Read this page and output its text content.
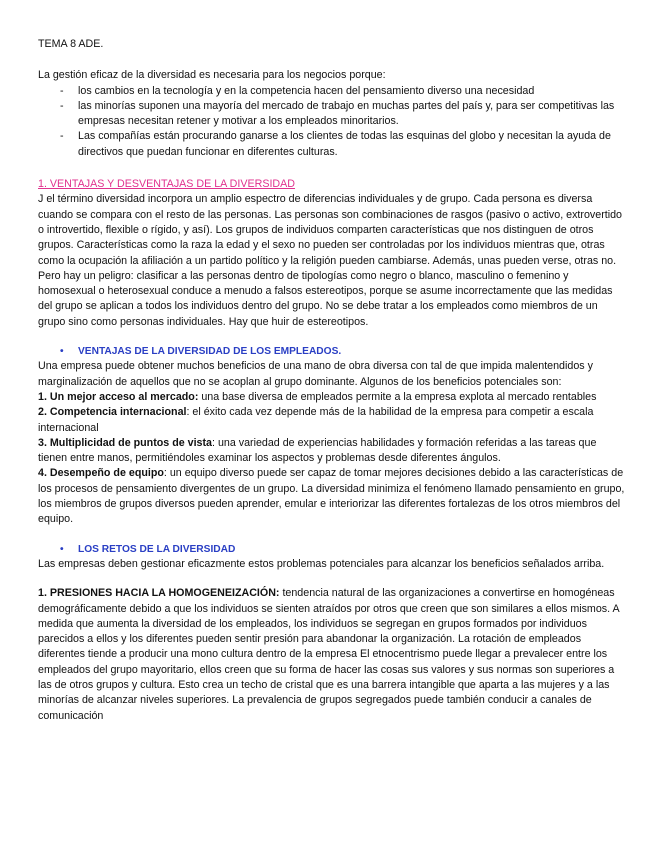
TEMA 8 ADE.

La gestión eficaz de la diversidad es necesaria para los negocios porque:

- los cambios en la tecnología y en la competencia hacen del pensamiento diverso una necesidad
- las minorías suponen una mayoría del mercado de trabajo en muchas partes del país y, para ser competitivas las empresas necesitan retener y motivar a los empleados minoritarios.
- Las compañías están procurando ganarse a los clientes de todas las esquinas del globo y necesitan la ayuda de directivos que puedan funcionar en diferentes culturas.

1. VENTAJAS Y DESVENTAJAS DE LA DIVERSIDAD

J el término diversidad incorpora un amplio espectro de diferencias individuales y de grupo. Cada persona es diversa cuando se compara con el resto de las personas. Las personas son combinaciones de rasgos (pasivo o activo, extrovertido o introvertido, flexible o rígido, y así). Los grupos de individuos comparten características que nos distinguen de otros grupos. Características como la raza la edad y el sexo no pueden ser controladas por los individuos mientras que, otras como la ocupación la afiliación a un partido político y la religión pueden cambiarse. Además, unas pueden verse, otras no.

Pero hay un peligro: clasificar a las personas dentro de tipologías como negro o blanco, masculino o femenino y homosexual o heterosexual conduce a menudo a falsos estereotipos, porque se asume incorrectamente que las medidas del grupo se aplican a todos los individuos dentro del grupo. No se debe tratar a los empleados como miembros de un grupo sino como personas individuales. Hay que huir de estereotipos.

• VENTAJAS DE LA DIVERSIDAD DE LOS EMPLEADOS.

Una empresa puede obtener muchos beneficios de una mano de obra diversa con tal de que impida malentendidos y marginalización de aquellos que no se acoplan al grupo dominante. Algunos de los beneficios potenciales son:

1. Un mejor acceso al mercado: una base diversa de empleados permite a la empresa explota al mercado rentables

2. Competencia internacional: el éxito cada vez depende más de la habilidad de la empresa para competir a escala internacional

3. Multiplicidad de puntos de vista: una variedad de experiencias habilidades y formación referidas a las tareas que tienen entre manos, permitiéndoles examinar los aspectos y problemas desde diferentes ángulos.

4. Desempeño de equipo: un equipo diverso puede ser capaz de tomar mejores decisiones debido a las características de los procesos de pensamiento divergentes de un grupo. La diversidad minimiza el fenómeno llamado pensamiento en grupo, los miembros de grupos diversos pueden aprender, emular e interiorizar las diferentes fortalezas de los otros miembros del equipo.

• LOS RETOS DE LA DIVERSIDAD

Las empresas deben gestionar eficazmente estos problemas potenciales para alcanzar los beneficios señalados arriba.

1. PRESIONES HACIA LA HOMOGENEIZACIÓN: tendencia natural de las organizaciones a convertirse en homogéneas demográficamente debido a que los individuos se sienten atraídos por otros que creen que son similares a ellos mismos. A medida que aumenta la diversidad de los empleados, los individuos se segregan en grupos formados por individuos parecidos a ellos y los diferentes pueden sentir presión para abandonar la organización. La rotación de empleados diferentes tiende a producir una mono cultura dentro de la empresa El etnocentrismo puede llegar a prevalecer entre los empleados del grupo mayoritario, ellos creen que su forma de hacer las cosas sus valores y sus normas son superiores a las de otros grupos y cultura. Esto crea un techo de cristal que es una barrera intangible que aparta a las mujeres y a las minorías de alcanzar niveles superiores. La prevalencia de grupos segregados puede también conducir a canales de comunicación
